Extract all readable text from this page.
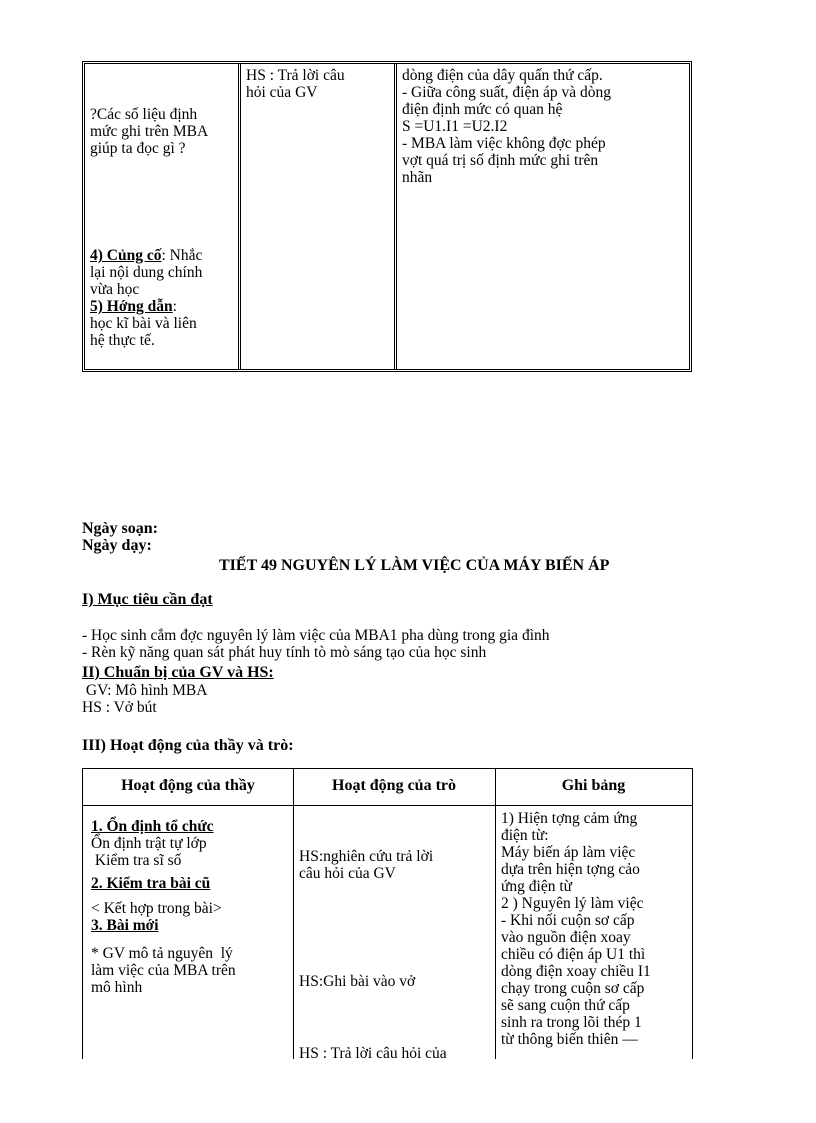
?Các số liệu định
mức ghi trên MBA
giúp ta đọc gì ?
4) Củng cố: Nhắc
lại nội dung chính
vừa học
5) Hớng dẫn:
học kĩ bài và liên
hệ thực tế.
HS : Trả lời câu
hỏi của GV
dòng điện của dây quấn thứ cấp.
- Giữa công suất, điện áp và dòng
điện định mức có quan hệ
S =U1.I1 =U2.I2
- MBA làm việc không đợc phép
vợt quá trị số định mức ghi trên
nhãn
Ngày soạn:
Ngày dạy:
TIẾT 49 NGUYÊN LÝ LÀM VIỆC CỦA MÁY BIẾN ÁP
I) Mục tiêu cần đạt
- Học sinh cắm đợc nguyên lý làm việc của MBA1 pha dùng trong gia đình
- Rèn kỹ năng quan sát phát huy tính tò mò sáng tạo của học sinh
II) Chuẩn bị của GV và HS:
GV: Mô hình MBA
HS : Vở bút
III) Hoạt động của thầy và trò:
Hoạt động của thầy	Hoạt động của trò	Ghi bảng
1. Ổn định tổ chức
Ổn định trật tự lớp
Kiểm tra sĩ số
2. Kiểm tra bài cũ
< Kết hợp trong bài>
3. Bài mới
* GV mô tả nguyên  lý
làm việc của MBA trên
mô hình
HS:nghiên cứu trả lời
câu hỏi của GV
HS:Ghi bài vào vở
HS : Trả lời câu hỏi của
1) Hiện tợng cảm ứng
điện từ:
Máy biến áp làm việc
dựa trên hiện tợng cảo
ứng điện từ
2 ) Nguyên lý làm việc
- Khi nối cuộn sơ cấp
vào nguồn điện xoay
chiều có điện áp U1 thì
dòng điện xoay chiều I1
chạy trong cuộn sơ cấp
sẽ sang cuộn thứ cấp
sinh ra trong lõi thép 1
từ thông biến thiên —
